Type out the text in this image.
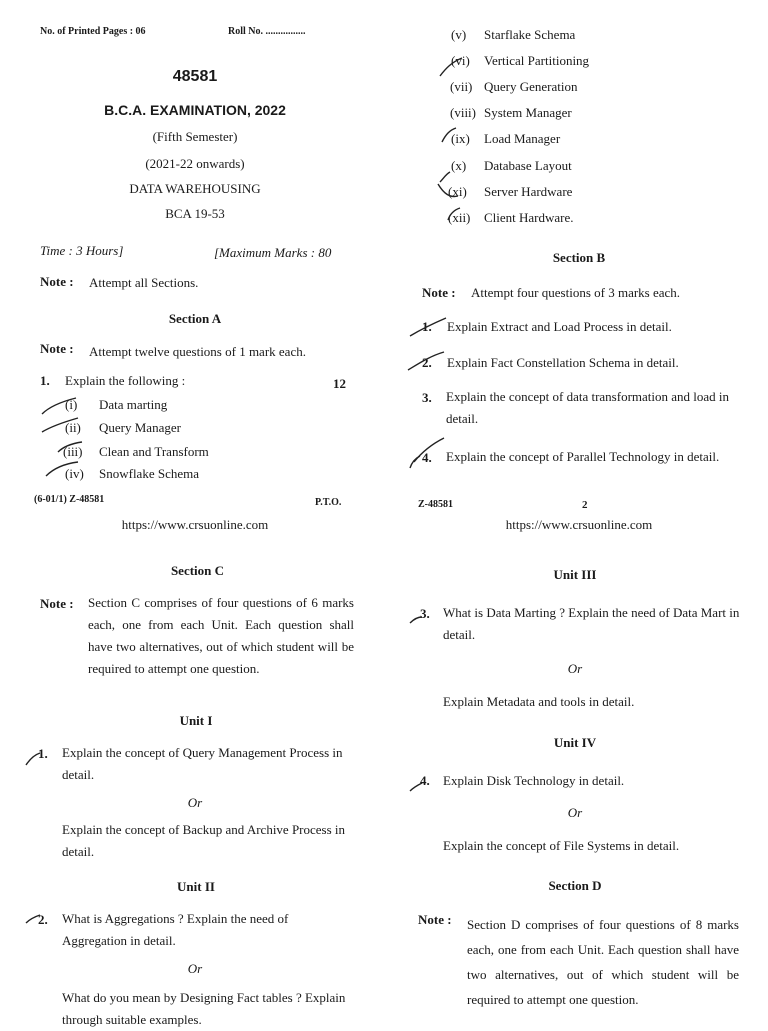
No. of Printed Pages : 06	Roll No. ................
48581
B.C.A. EXAMINATION, 2022
(Fifth Semester)
(2021-22 onwards)
DATA WAREHOUSING
BCA 19-53
Time : 3 Hours]	[Maximum Marks : 80
Note : Attempt all Sections.
Section A
Note : Attempt twelve questions of 1 mark each.
1. Explain the following :	12
(i) Data marting
(ii) Query Manager
(iii) Clean and Transform
(iv) Snowflake Schema
(6-01/1) Z-48581	P.T.O.
https://www.crsuonline.com
(v) Starflake Schema
(vi) Vertical Partitioning
(vii) Query Generation
(viii) System Manager
(ix) Load Manager
(x) Database Layout
(xi) Server Hardware
(xii) Client Hardware.
Section B
Note : Attempt four questions of 3 marks each.
1. Explain Extract and Load Process in detail.
2. Explain Fact Constellation Schema in detail.
3. Explain the concept of data transformation and load in detail.
4. Explain the concept of Parallel Technology in detail.
Z-48581	2
https://www.crsuonline.com
Section C
Note : Section C comprises of four questions of 6 marks each, one from each Unit. Each question shall have two alternatives, out of which student will be required to attempt one question.
Unit I
1. Explain the concept of Query Management Process in detail.
Or
Explain the concept of Backup and Archive Process in detail.
Unit II
2. What is Aggregations ? Explain the need of Aggregation in detail.
Or
What do you mean by Designing Fact tables ? Explain through suitable examples.
Unit III
3. What is Data Marting ? Explain the need of Data Mart in detail.
Or
Explain Metadata and tools in detail.
Unit IV
4. Explain Disk Technology in detail.
Or
Explain the concept of File Systems in detail.
Section D
Note : Section D comprises of four questions of 8 marks each, one from each Unit. Each question shall have two alternatives, out of which student will be required to attempt one question.
